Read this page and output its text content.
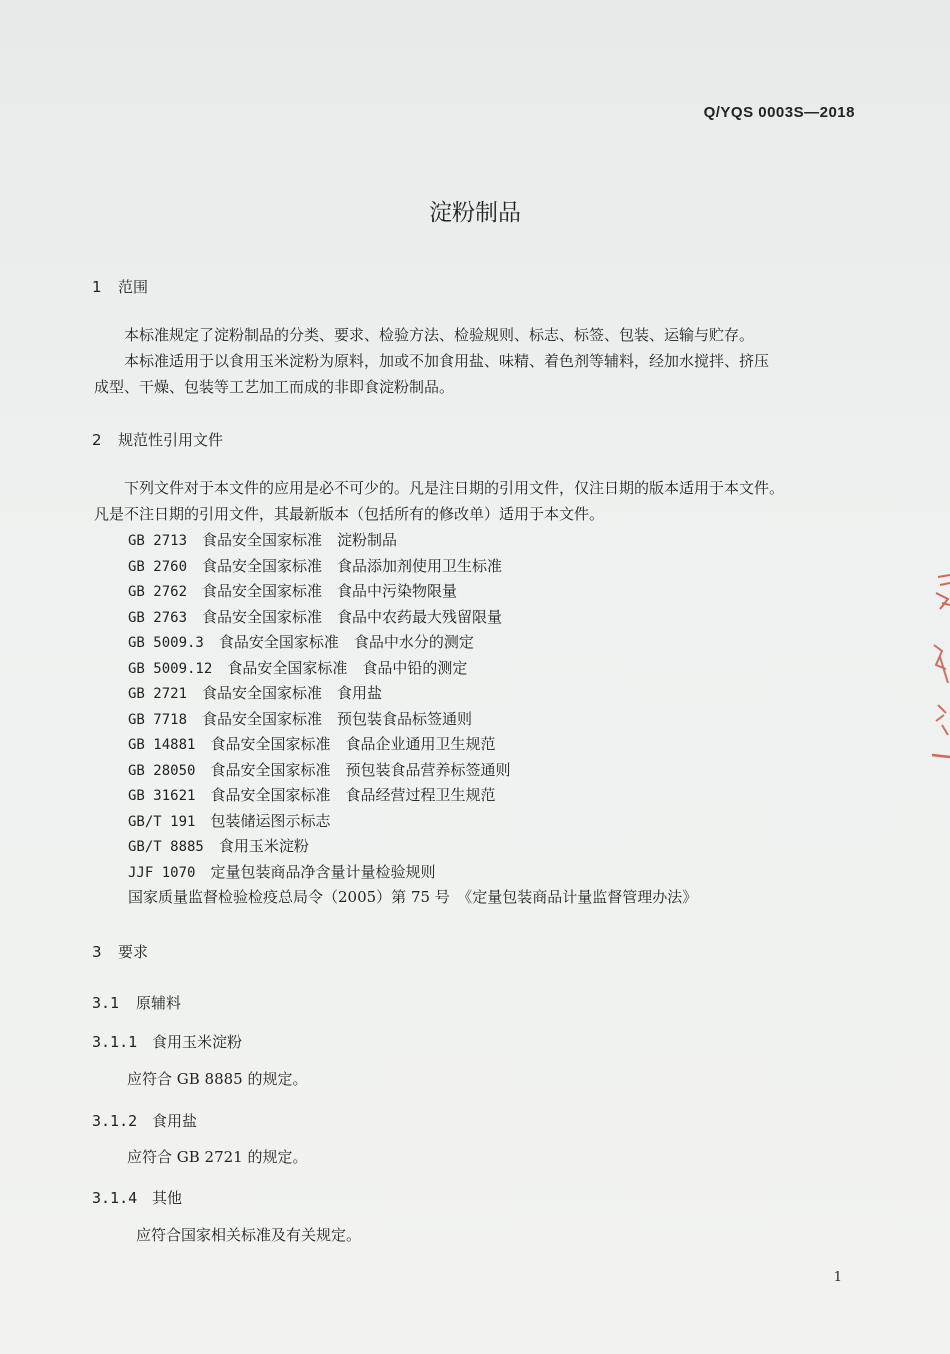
Q/YQS 0003S—2018
淀粉制品
1 范围
　　本标准规定了淀粉制品的分类、要求、检验方法、检验规则、标志、标签、包装、运输与贮存。
　　本标准适用于以食用玉米淀粉为原料，加或不加食用盐、味精、着色剂等辅料，经加水搅拌、挤压
成型、干燥、包装等工艺加工而成的非即食淀粉制品。
2 规范性引用文件
　　下列文件对于本文件的应用是必不可少的。凡是注日期的引用文件，仅注日期的版本适用于本文件。
凡是不注日期的引用文件，其最新版本（包括所有的修改单）适用于本文件。
GB 2713　 食品安全国家标准　淀粉制品
GB 2760　 食品安全国家标准　食品添加剂使用卫生标准
GB 2762　 食品安全国家标准　食品中污染物限量
GB 2763　 食品安全国家标准　食品中农药最大残留限量
GB 5009.3　 食品安全国家标准　食品中水分的测定
GB 5009.12　 食品安全国家标准　食品中铅的测定
GB 2721　 食品安全国家标准　食用盐
GB 7718　 食品安全国家标准　预包装食品标签通则
GB 14881　 食品安全国家标准　食品企业通用卫生规范
GB 28050　 食品安全国家标准　预包装食品营养标签通则
GB 31621　 食品安全国家标准　食品经营过程卫生规范
GB/T 191　 包装储运图示标志
GB/T 8885　 食用玉米淀粉
JJF 1070　 定量包装商品净含量计量检验规则
国家质量监督检验检疫总局令（2005）第 75 号　《定量包装商品计量监督管理办法》
3 要求
3.1 原辅料
3.1.1 食用玉米淀粉
应符合 GB 8885 的规定。
3.1.2 食用盐
应符合 GB 2721 的规定。
3.1.4 其他
应符合国家相关标准及有关规定。
1
